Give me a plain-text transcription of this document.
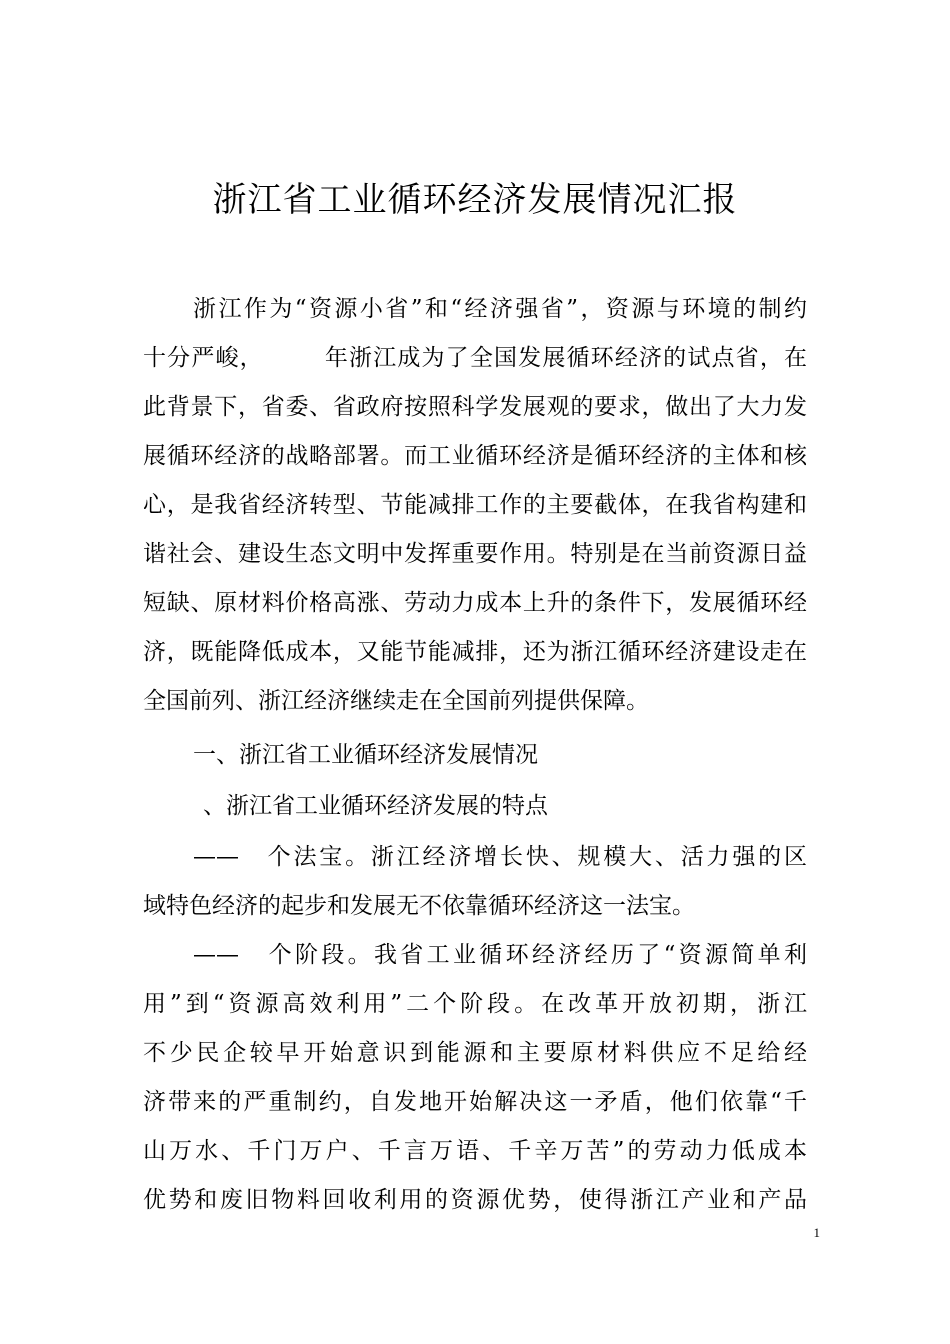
浙江省工业循环经济发展情况汇报
浙江作为“资源小省”和“经济强省”，资源与环境的制约
十分严峻，　　　年浙江成为了全国发展循环经济的试点省，在
此背景下，省委、省政府按照科学发展观的要求，做出了大力发
展循环经济的战略部署。而工业循环经济是循环经济的主体和核
心，是我省经济转型、节能减排工作的主要截体，在我省构建和
谐社会、建设生态文明中发挥重要作用。特别是在当前资源日益
短缺、原材料价格高涨、劳动力成本上升的条件下，发展循环经
济，既能降低成本，又能节能减排，还为浙江循环经济建设走在
全国前列、浙江经济继续走在全国前列提供保障。
一、浙江省工业循环经济发展情况
、浙江省工业循环经济发展的特点
——　个法宝。浙江经济增长快、规模大、活力强的区
域特色经济的起步和发展无不依靠循环经济这一法宝。
——　个阶段。我省工业循环经济经历了“资源简单利
用”到“资源高效利用”二个阶段。在改革开放初期，浙江
不少民企较早开始意识到能源和主要原材料供应不足给经
济带来的严重制约，自发地开始解决这一矛盾，他们依靠“千
山万水、千门万户、千言万语、千辛万苦”的劳动力低成本
优势和废旧物料回收利用的资源优势，使得浙江产业和产品
1
